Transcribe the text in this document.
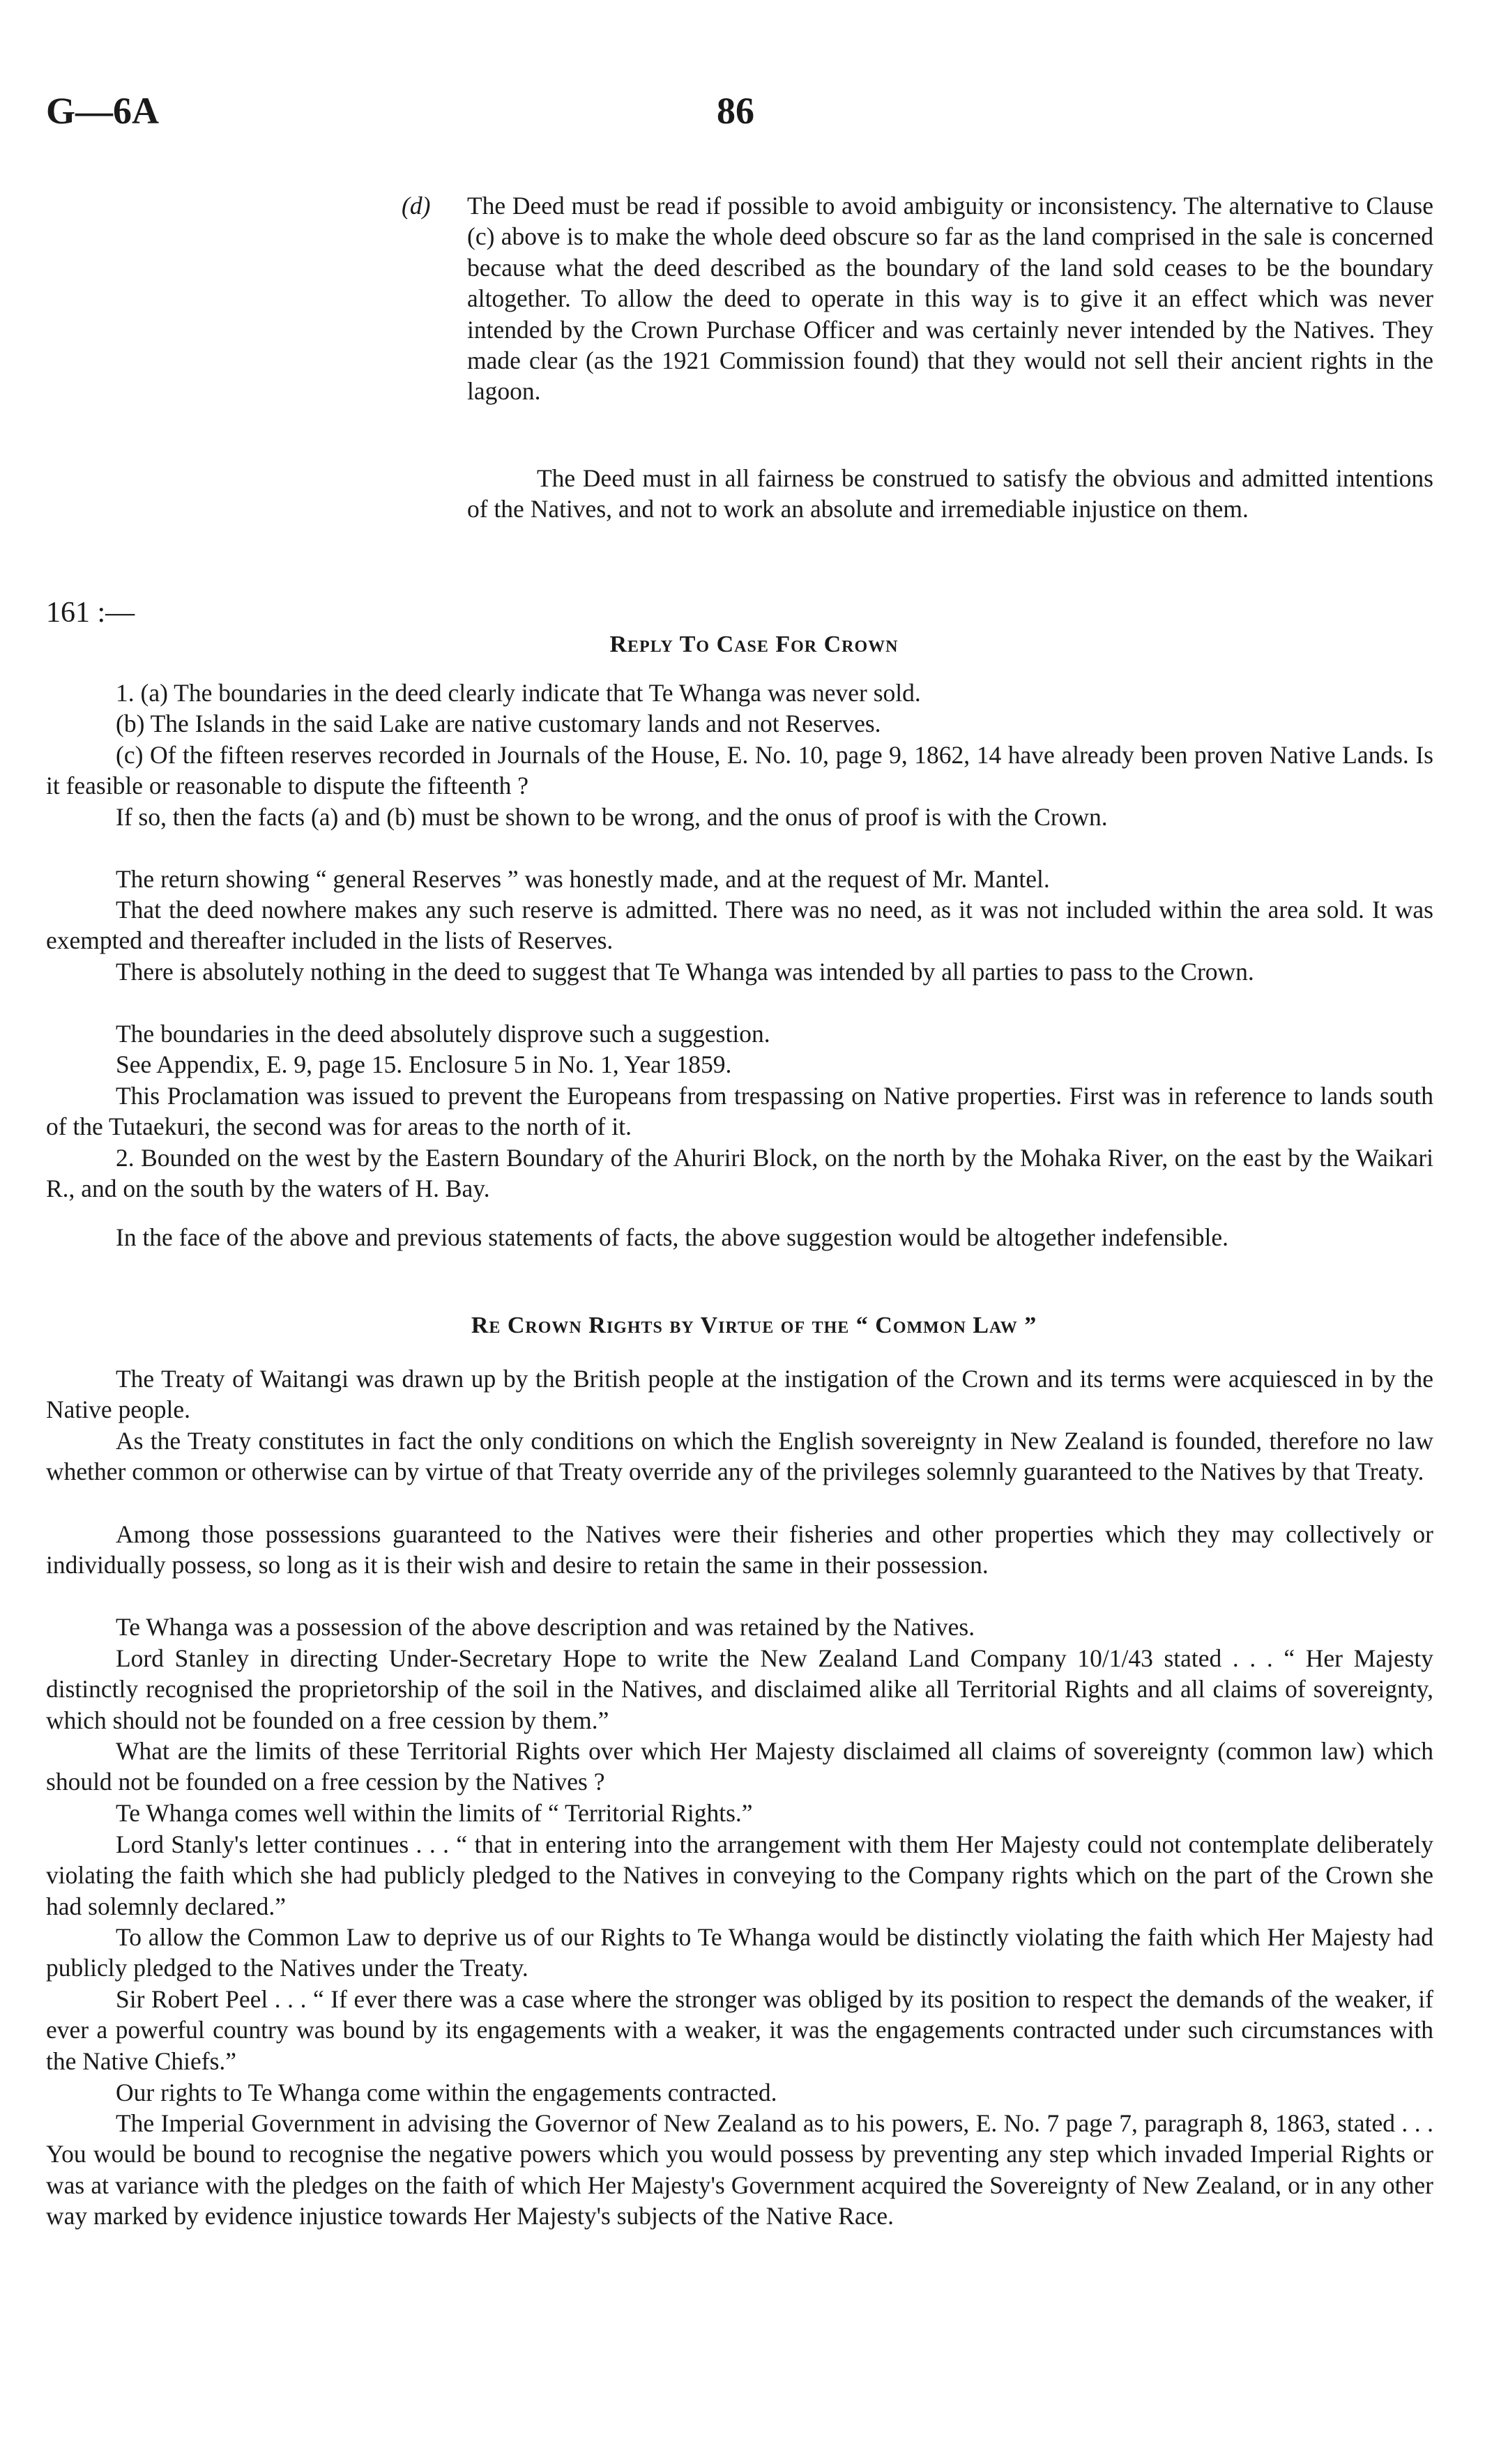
G—6A	86

(d) The Deed must be read if possible to avoid ambiguity or inconsistency. The alternative to Clause (c) above is to make the whole deed obscure so far as the land comprised in the sale is concerned because what the deed described as the boundary of the land sold ceases to be the boundary altogether. To allow the deed to operate in this way is to give it an effect which was never intended by the Crown Purchase Officer and was certainly never intended by the Natives. They made clear (as the 1921 Commission found) that they would not sell their ancient rights in the lagoon.

The Deed must in all fairness be construed to satisfy the obvious and admitted intentions of the Natives, and not to work an absolute and irremediable injustice on them.

161 :—

Reply To Case For Crown

1. (a) The boundaries in the deed clearly indicate that Te Whanga was never sold.

(b) The Islands in the said Lake are native customary lands and not Reserves.

(c) Of the fifteen reserves recorded in Journals of the House, E. No. 10, page 9, 1862, 14 have already been proven Native Lands. Is it feasible or reasonable to dispute the fifteenth ?

If so, then the facts (a) and (b) must be shown to be wrong, and the onus of proof is with the Crown.

The return showing “ general Reserves ” was honestly made, and at the request of Mr. Mantel.

That the deed nowhere makes any such reserve is admitted. There was no need, as it was not included within the area sold. It was exempted and thereafter included in the lists of Reserves.

There is absolutely nothing in the deed to suggest that Te Whanga was intended by all parties to pass to the Crown.

The boundaries in the deed absolutely disprove such a suggestion.

See Appendix, E. 9, page 15. Enclosure 5 in No. 1, Year 1859.

This Proclamation was issued to prevent the Europeans from trespassing on Native properties. First was in reference to lands south of the Tutaekuri, the second was for areas to the north of it.

2. Bounded on the west by the Eastern Boundary of the Ahuriri Block, on the north by the Mohaka River, on the east by the Waikari R., and on the south by the waters of H. Bay.

In the face of the above and previous statements of facts, the above suggestion would be altogether indefensible.

Re Crown Rights by Virtue of the “ Common Law ”

The Treaty of Waitangi was drawn up by the British people at the instigation of the Crown and its terms were acquiesced in by the Native people.

As the Treaty constitutes in fact the only conditions on which the English sovereignty in New Zealand is founded, therefore no law whether common or otherwise can by virtue of that Treaty override any of the privileges solemnly guaranteed to the Natives by that Treaty.

Among those possessions guaranteed to the Natives were their fisheries and other properties which they may collectively or individually possess, so long as it is their wish and desire to retain the same in their possession.

Te Whanga was a possession of the above description and was retained by the Natives.

Lord Stanley in directing Under-Secretary Hope to write the New Zealand Land Company 10/1/43 stated . . . “ Her Majesty distinctly recognised the proprietorship of the soil in the Natives, and disclaimed alike all Territorial Rights and all claims of sovereignty, which should not be founded on a free cession by them.”

What are the limits of these Territorial Rights over which Her Majesty disclaimed all claims of sovereignty (common law) which should not be founded on a free cession by the Natives ?

Te Whanga comes well within the limits of “ Territorial Rights.”

Lord Stanly's letter continues . . . “ that in entering into the arrangement with them Her Majesty could not contemplate deliberately violating the faith which she had publicly pledged to the Natives in conveying to the Company rights which on the part of the Crown she had solemnly declared.”

To allow the Common Law to deprive us of our Rights to Te Whanga would be distinctly violating the faith which Her Majesty had publicly pledged to the Natives under the Treaty.

Sir Robert Peel . . . “ If ever there was a case where the stronger was obliged by its position to respect the demands of the weaker, if ever a powerful country was bound by its engagements with a weaker, it was the engagements contracted under such circumstances with the Native Chiefs.”

Our rights to Te Whanga come within the engagements contracted.

The Imperial Government in advising the Governor of New Zealand as to his powers, E. No. 7 page 7, paragraph 8, 1863, stated . . . You would be bound to recognise the negative powers which you would possess by preventing any step which invaded Imperial Rights or was at variance with the pledges on the faith of which Her Majesty's Government acquired the Sovereignty of New Zealand, or in any other way marked by evidence injustice towards Her Majesty's subjects of the Native Race.
